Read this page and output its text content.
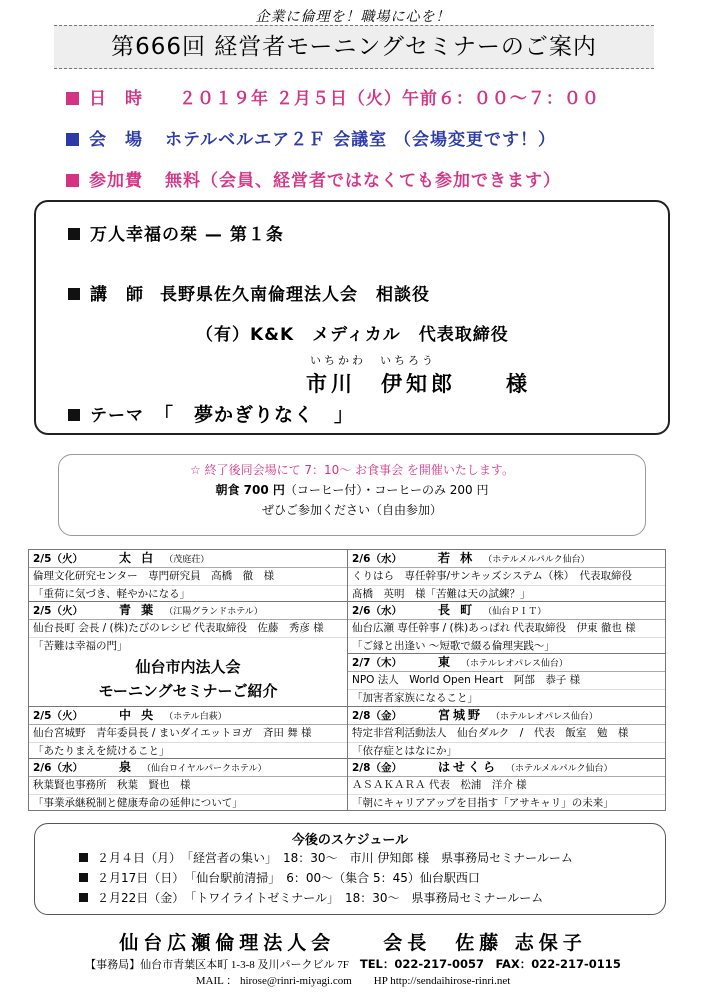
企業に倫理を！職場に心を！
第666回 経営者モーニングセミナーのご案内
日　時 ２０１９年 ２月５日（火）午前６：００～７：００
会　場 ホテルベルエア２Ｆ 会議室 （会場変更です！）
参加費 無料（会員、経営者ではなくても参加できます）
万人幸福の栞 — 第１条
講　師 長野県佐久南倫理法人会　相談役
（有）K&K　メディカル　代表取締役
いちかわ　いちろう
市川　伊知郎　　様
テーマ 「　夢かぎりなく　」
☆ 終了後同会場にて 7：10～ お食事会 を開催いたします。
朝食 700 円（コーヒー付）・コーヒーのみ 200 円
ぜひご参加ください（自由参加）
2/5（火）	太 白 （茂庭荘）
倫理文化研究センター　専門研究員　高橋　徹　様
「重荷に気づき、軽やかになる」
2/5（火）	青 葉 （江陽グランドホテル）
仙台長町 会長 / (株)たびのレシピ 代表取締役　佐藤　秀彦 様
「苦難は幸福の門」
仙台市内法人会
モーニングセミナーご紹介
2/5（火）	中 央 （ホテル白萩）
仙台宮城野　青年委員長 / まいダイエットヨガ　斉田 舞 様
「あたりまえを続けること」
2/6（水）	泉 （仙台ロイヤルパークホテル）
秋葉賢也事務所　秋葉　賢也　様
「事業承継税制と健康寿命の延伸について」
2/6（水）	若 林 （ホテルメルパルク仙台）
くりはら　専任幹事/サンキッズシステム（株）　代表取締役
髙橋　英明　様「苦難は天の試練？」
2/6（水）	長 町 （仙台ＰＩＴ）
仙台広瀬 専任幹事 / (株)あっぱれ 代表取締役　伊東 徹也 様
「ご縁と出逢い ～短歌で綴る倫理実践～」
2/7（木）	東 （ホテルレオパレス仙台）
NPO 法人　World Open Heart　阿部　恭子 様
「加害者家族になること」
2/8（金）	宮城野 （ホテルレオパレス仙台）
特定非営利活動法人　仙台ダルク　/　代表　飯室　勉　様
「依存症とはなにか」
2/8（金）	はせくら （ホテルメルパルク仙台）
ＡＳＡＫＡＲＡ 代表　松浦　洋介 様
「朝にキャリアアップを目指す「アサキャリ」の未来」
今後のスケジュール
２月４日（月）　「経営者の集い」　18：30～　市川 伊知郎 様　県事務局セミナールーム
２月17日（日）　「仙台駅前清掃」　6：00～（集合 5：45）仙台駅西口
２月22日（金）　「トワイライトゼミナール」　18：30～　県事務局セミナールーム
仙台広瀬倫理法人会　　会長　佐藤 志保子
【事務局】仙台市青葉区本町 1-3-8 及川パークビル 7F　 TEL：022-217-0057　FAX：022-217-0115
MAIL ： hirose@rinri-miyagi.com　　 HP http://sendaihirose-rinri.net
